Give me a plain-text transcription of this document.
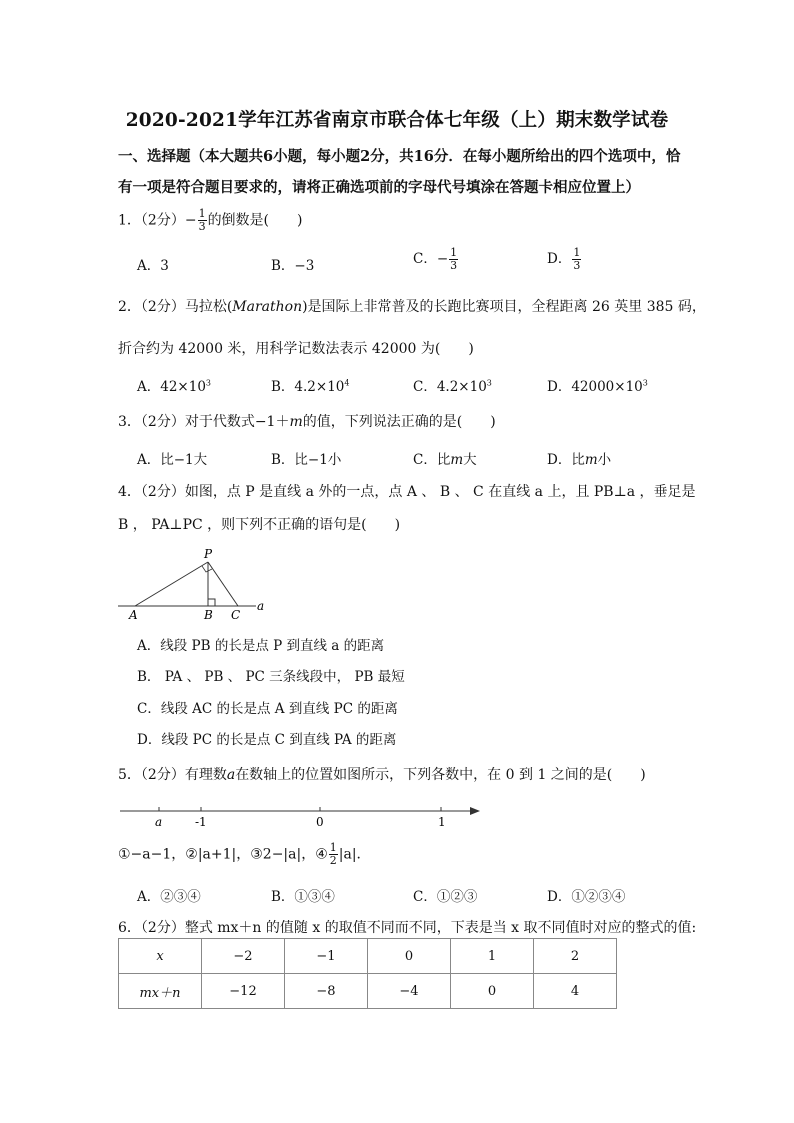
2020-2021学年江苏省南京市联合体七年级（上）期末数学试卷
一、选择题（本大题共6小题，每小题2分，共16分．在每小题所给出的四个选项中，恰
有一项是符合题目要求的，请将正确选项前的字母代号填涂在答题卡相应位置上）
1．（2分）− $\frac{1}{3}$ 的倒数是(　　)
A．3	B．−3	C．− $\frac{1}{3}$	D． $\frac{1}{3}$
2．（2分）马拉松(Marathon)是国际上非常普及的长跑比赛项目，全程距离 26 英里 385 码，
折合约为 42000 米，用科学记数法表示 42000 为(　　)
A．$42\times 10^3$	B．$4.2\times 10^4$	C．$4.2\times 10^3$	D．$42000\times 10^3$
3．（2分）对于代数式−1＋m的值，下列说法正确的是(　　)
A．比−1大	B．比−1小	C．比m大	D．比m小
4．（2分）如图，点 P 是直线 a 外的一点，点 A 、 B 、 C 在直线 a 上，且 PB⊥a ，垂足是
B ， PA⊥PC ，则下列不正确的语句是(　　)
P
A	B C
a
A．线段 PB 的长是点 P 到直线 a 的距离
B． PA 、 PB 、 PC 三条线段中， PB 最短
C．线段 AC 的长是点 A 到直线 PC 的距离
D．线段 PC 的长是点 C 到直线 PA 的距离
5．（2分）有理数a在数轴上的位置如图所示，下列各数中，在 0 到 1 之间的是(　　)
a	-1	0	1
①−a−1，②|a+1|，③2−|a|，④ $\frac{1}{2} |a|$．
A．②③④	B．①③④	C．①②③	D．①②③④
6．（2分）整式 mx＋n 的值随 x 的取值不同而不同，下表是当 x 取不同值时对应的整式的值:
x	−2	−1	0	1	2
mx＋n	−12	−8	−4	0	4
